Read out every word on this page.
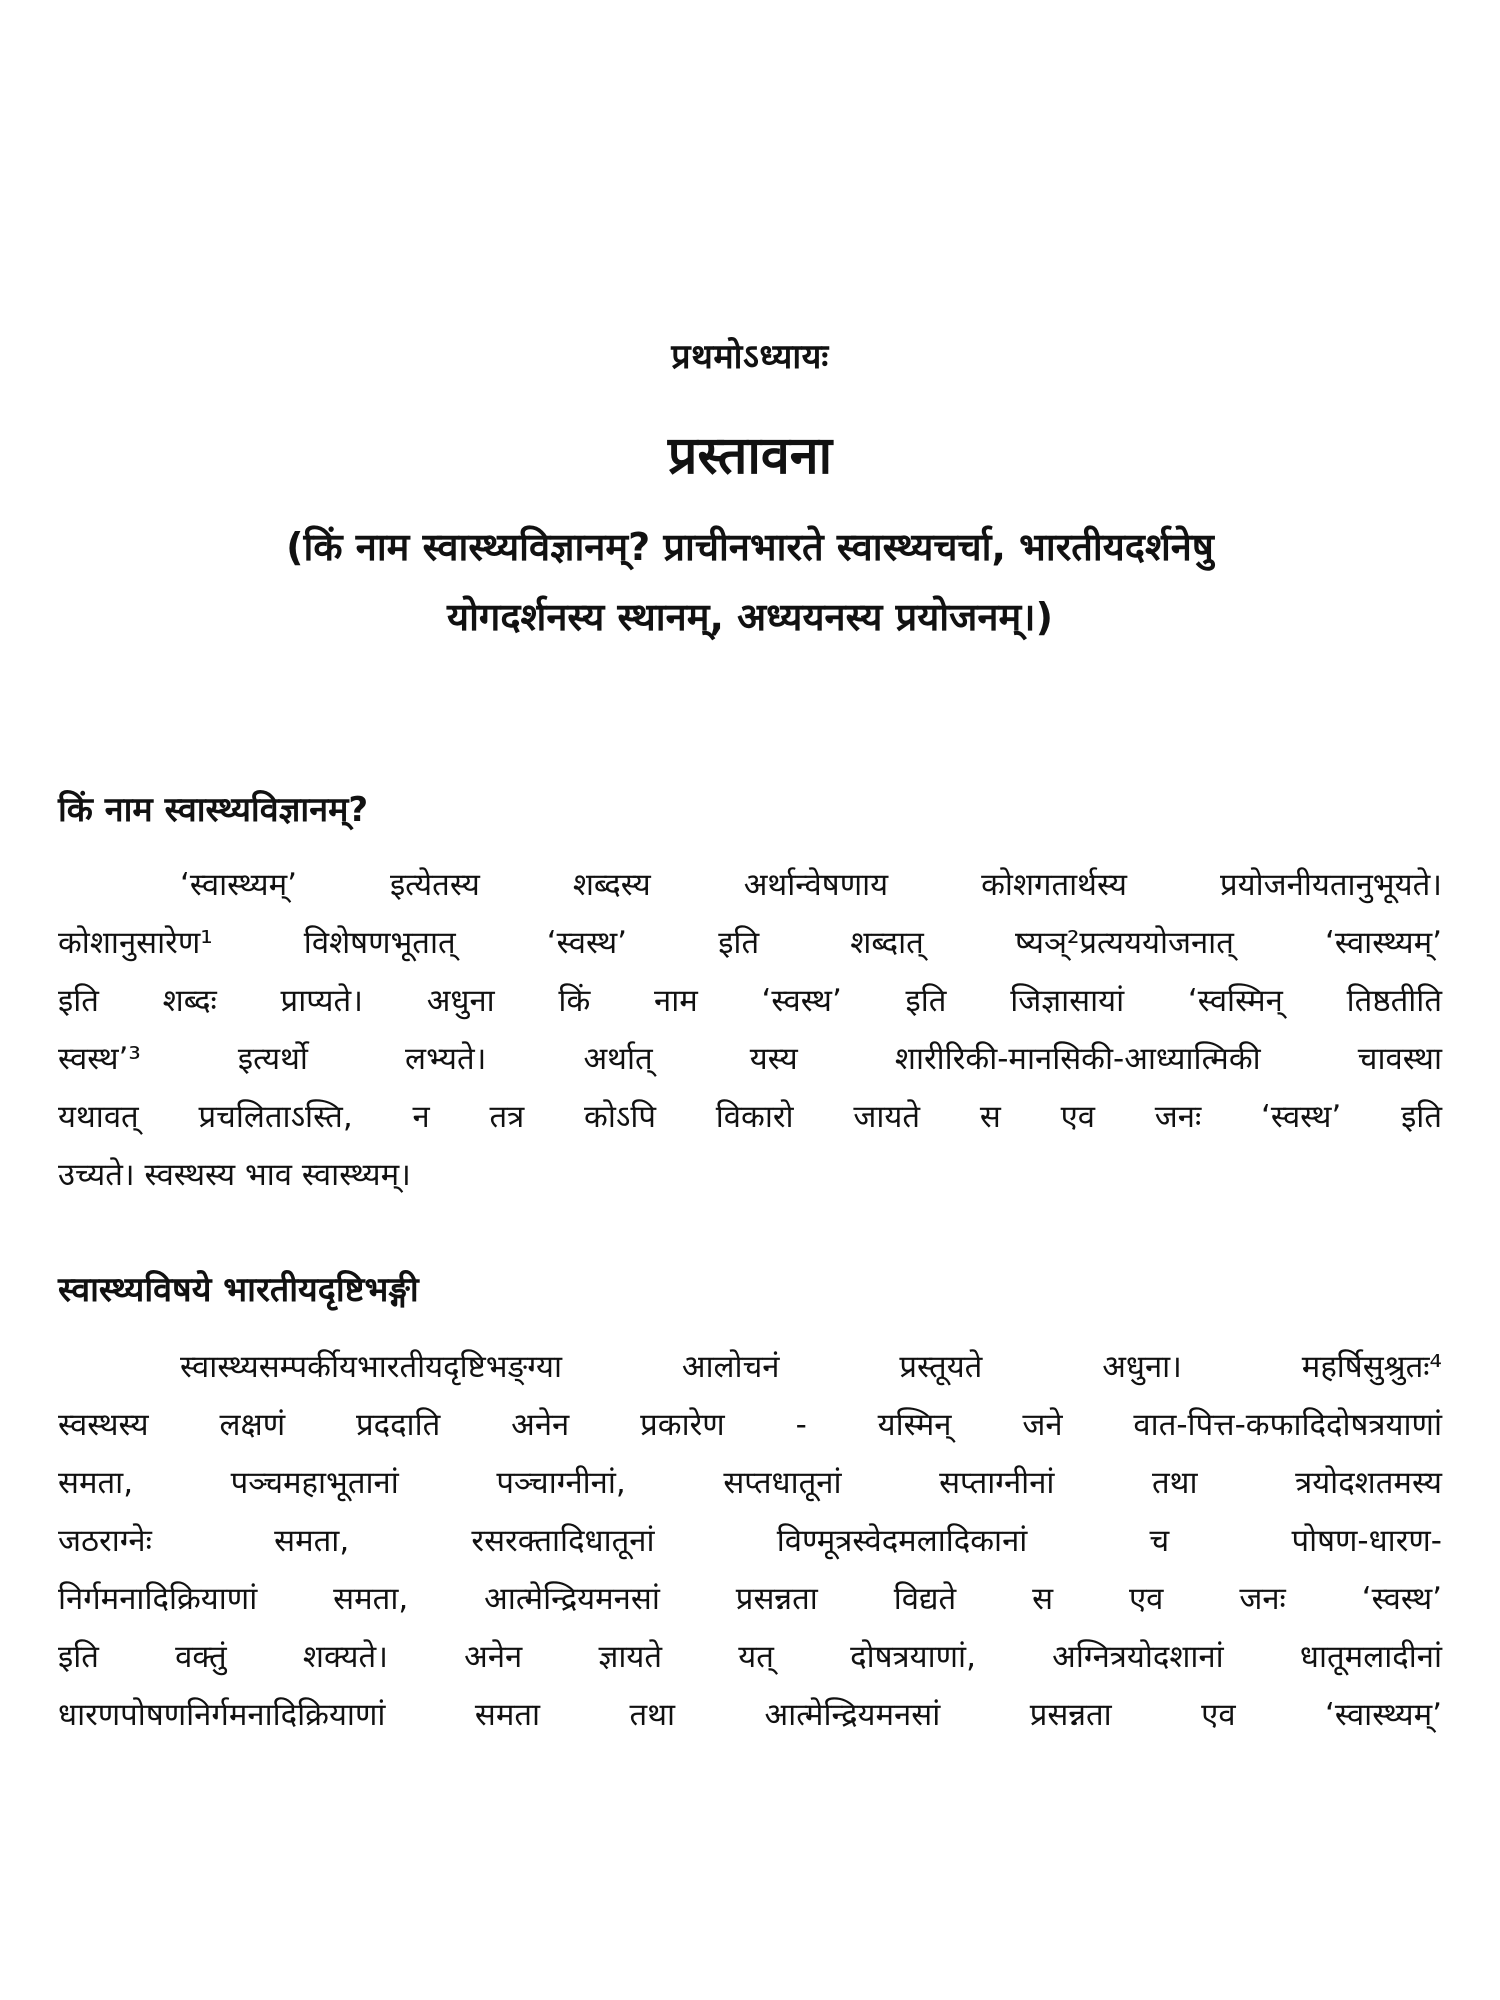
प्रथमोऽध्यायः
प्रस्तावना
(किं नाम स्वास्थ्यविज्ञानम्? प्राचीनभारते स्वास्थ्यचर्चा, भारतीयदर्शनेषु
योगदर्शनस्य स्थानम्, अध्ययनस्य प्रयोजनम्।)
किं नाम स्वास्थ्यविज्ञानम्?
‘स्वास्थ्यम्’ इत्येतस्य शब्दस्य अर्थान्वेषणाय कोशगतार्थस्य प्रयोजनीयतानुभूयते।
कोशानुसारेण¹ विशेषणभूतात् ‘स्वस्थ’ इति शब्दात् ष्यञ्²प्रत्यययोजनात् ‘स्वास्थ्यम्’
इति शब्दः प्राप्यते। अधुना किं नाम ‘स्वस्थ’ इति जिज्ञासायां ‘स्वस्मिन् तिष्ठतीति
स्वस्थ’³ इत्यर्थो लभ्यते। अर्थात् यस्य शारीरिकी-मानसिकी-आध्यात्मिकी चावस्था
यथावत् प्रचलिताऽस्ति, न तत्र कोऽपि विकारो जायते स एव जनः ‘स्वस्थ’ इति
उच्यते। स्वस्थस्य भाव स्वास्थ्यम्।
स्वास्थ्यविषये भारतीयदृष्टिभङ्गी
स्वास्थ्यसम्पर्कीयभारतीयदृष्टिभङ्ग्या आलोचनं प्रस्तूयते अधुना। महर्षिसुश्रुतः⁴
स्वस्थस्य लक्षणं प्रददाति अनेन प्रकारेण - यस्मिन् जने वात-पित्त-कफादिदोषत्रयाणां
समता, पञ्चमहाभूतानां पञ्चाग्नीनां, सप्तधातूनां सप्ताग्नीनां तथा त्रयोदशतमस्य
जठराग्नेः समता, रसरक्तादिधातूनां विण्मूत्रस्वेदमलादिकानां च पोषण-धारण-
निर्गमनादिक्रियाणां समता, आत्मेन्द्रियमनसां प्रसन्नता विद्यते स एव जनः ‘स्वस्थ’
इति वक्तुं शक्यते। अनेन ज्ञायते यत् दोषत्रयाणां, अग्नित्रयोदशानां धातूमलादीनां
धारणपोषणनिर्गमनादिक्रियाणां समता तथा आत्मेन्द्रियमनसां प्रसन्नता एव ‘स्वास्थ्यम्’
